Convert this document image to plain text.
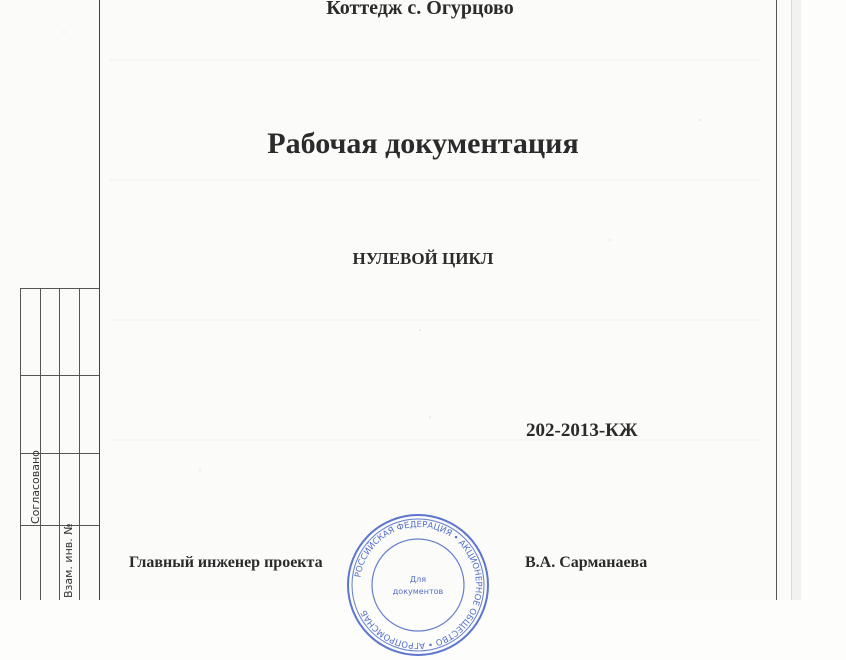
Согласовано
Взам. инв. №
Коттедж с. Огурцово
Рабочая документация
НУЛЕВОЙ ЦИКЛ
202-2013-КЖ
РОССИЙСКАЯ ФЕДЕРАЦИЯ • АКЦИОНЕРНОЕ ОБЩЕСТВО • АГРОПРОМСНАБ
Для
документов
Главный инженер проекта	В.А. Сарманаева
